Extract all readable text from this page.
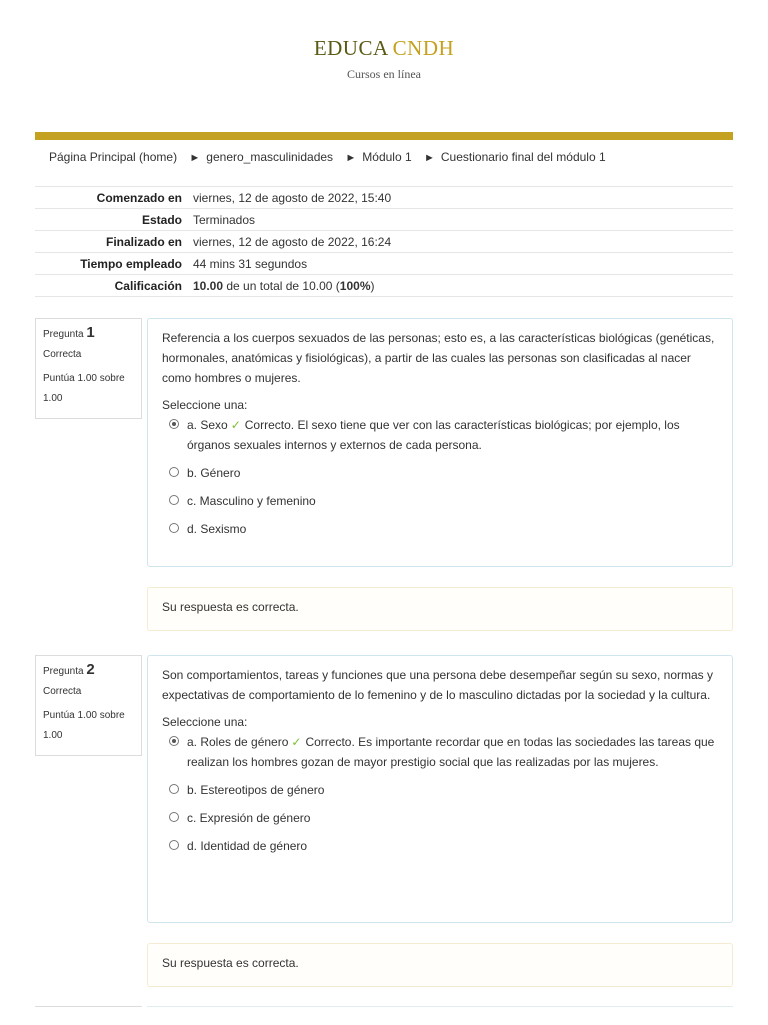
EDUCA CNDH
Cursos en línea
Página Principal (home) ► genero_masculinidades ► Módulo 1 ► Cuestionario final del módulo 1
Comenzado en	viernes, 12 de agosto de 2022, 15:40
Estado	Terminados
Finalizado en	viernes, 12 de agosto de 2022, 16:24
Tiempo empleado	44 mins 31 segundos
Calificación	10.00 de un total de 10.00 (100%)
Pregunta 1
Correcta
Puntúa 1.00 sobre 1.00
Referencia a los cuerpos sexuados de las personas; esto es, a las características biológicas (genéticas, hormonales, anatómicas y fisiológicas), a partir de las cuales las personas son clasificadas al nacer como hombres o mujeres.
Seleccione una:
a. Sexo ✓ Correcto. El sexo tiene que ver con las características biológicas; por ejemplo, los órganos sexuales internos y externos de cada persona.
b. Género
c. Masculino y femenino
d. Sexismo
Su respuesta es correcta.
Pregunta 2
Correcta
Puntúa 1.00 sobre 1.00
Son comportamientos, tareas y funciones que una persona debe desempeñar según su sexo, normas y expectativas de comportamiento de lo femenino y de lo masculino dictadas por la sociedad y la cultura.
Seleccione una:
a. Roles de género ✓ Correcto. Es importante recordar que en todas las sociedades las tareas que realizan los hombres gozan de mayor prestigio social que las realizadas por las mujeres.
b. Estereotipos de género
c. Expresión de género
d. Identidad de género
Su respuesta es correcta.
